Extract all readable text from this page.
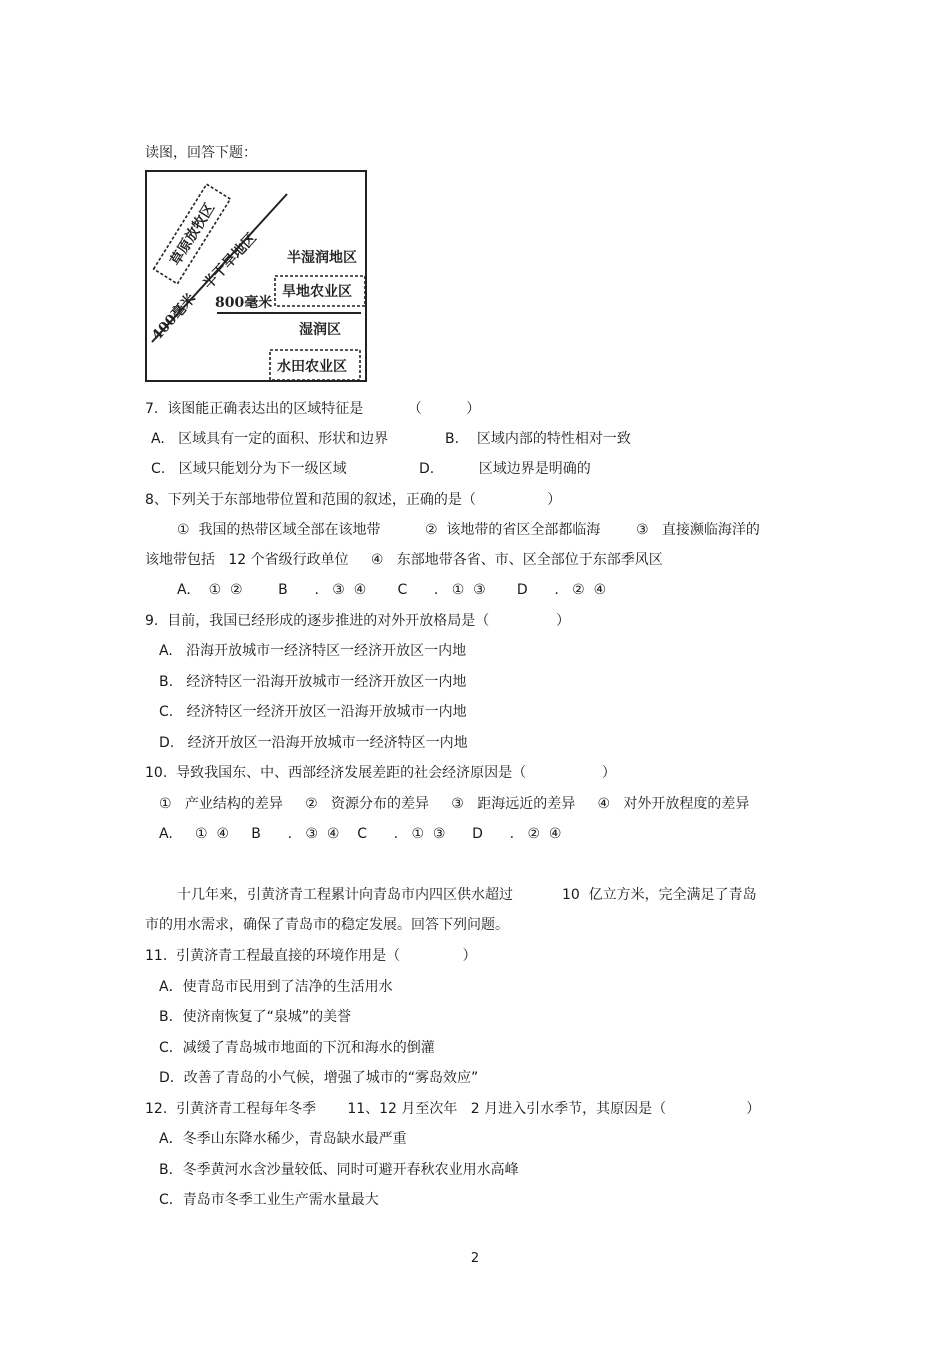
读图，回答下题：
草原放牧区
半干旱地区
400毫米
半湿润地区
旱地农业区
800毫米
湿润区
水田农业区
7.  该图能正确表达出的区域特征是          （          ）
A.   区域具有一定的面积、形状和边界	B.    区域内部的特性相对一致
C.   区域只能划分为下一级区域	D.          区域边界是明确的
8、下列关于东部地带位置和范围的叙述，正确的是（                ）
①  我国的热带区域全部在该地带          ②  该地带的省区全部都临海        ③   直接濒临海洋的
该地带包括   12 个省级行政单位     ④   东部地带各省、市、区全部位于东部季风区
A.    ①  ②        B      .   ③  ④       C      .   ①  ③       D      .   ②  ④
9.  目前，我国已经形成的逐步推进的对外开放格局是（               ）
A.   沿海开放城市一经济特区一经济开放区一内地
B.   经济特区一沿海开放城市一经济开放区一内地
C.   经济特区一经济开放区一沿海开放城市一内地
D.   经济开放区一沿海开放城市一经济特区一内地
10.  导致我国东、中、西部经济发展差距的社会经济原因是（                 ）
①   产业结构的差异     ②   资源分布的差异     ③   距海远近的差异     ④   对外开放程度的差异
A.     ①  ④     B      .   ③  ④    C      .   ①  ③      D      .   ②  ④
十几年来，引黄济青工程累计向青岛市内四区供水超过           10  亿立方米，完全满足了青岛
市的用水需求，确保了青岛市的稳定发展。回答下列问题。
11.  引黄济青工程最直接的环境作用是（              ）
A．使青岛市民用到了洁净的生活用水
B．使济南恢复了“泉城”的美誉
C．减缓了青岛城市地面的下沉和海水的倒灌
D．改善了青岛的小气候，增强了城市的“雾岛效应”
12.  引黄济青工程每年冬季       11、12 月至次年   2 月进入引水季节，其原因是（                  ）
A．冬季山东降水稀少，青岛缺水最严重
B．冬季黄河水含沙量较低、同时可避开春秋农业用水高峰
C．青岛市冬季工业生产需水量最大
2
